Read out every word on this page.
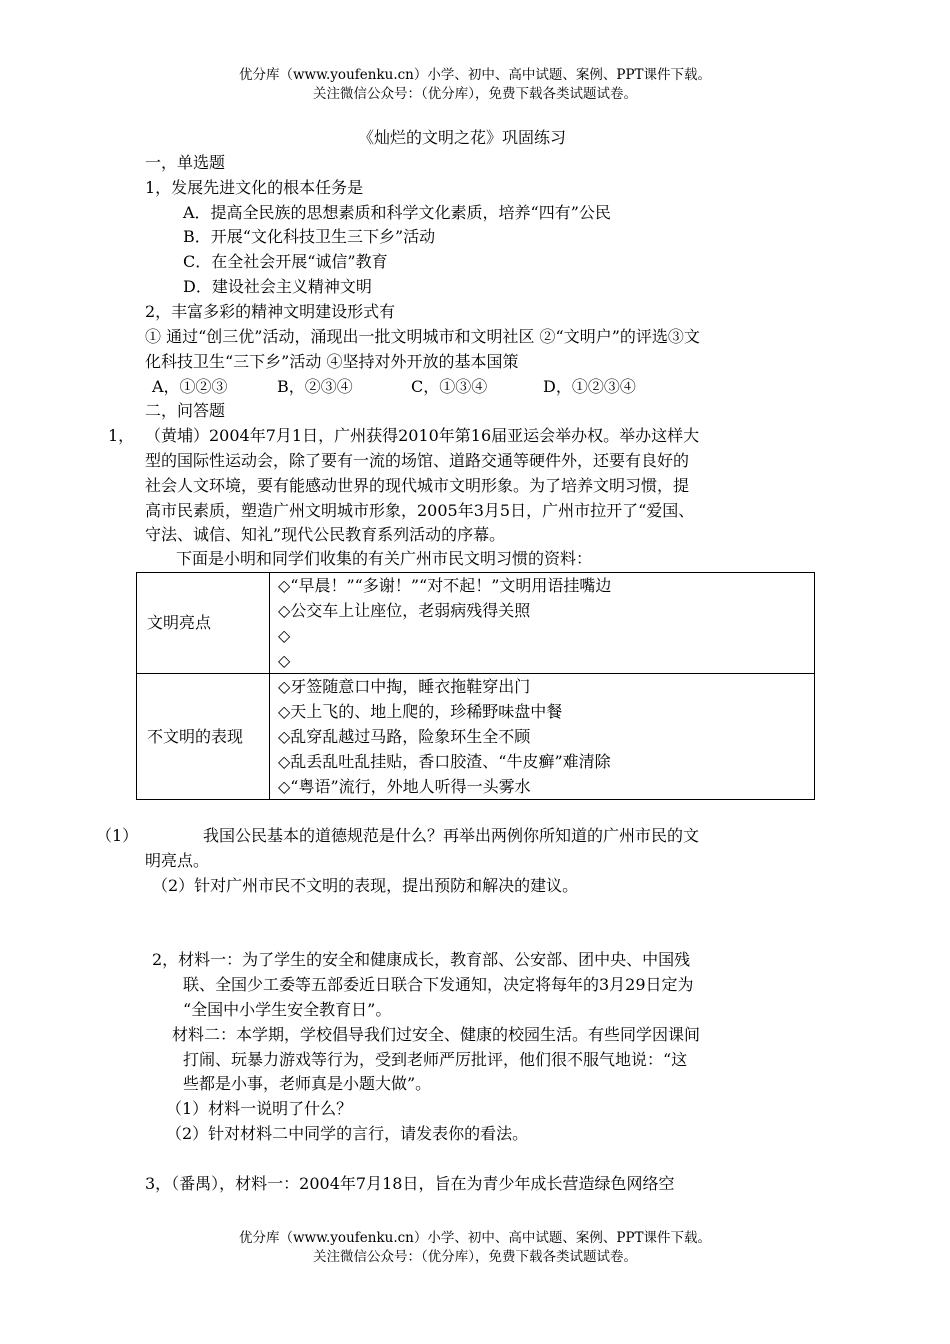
优分库（www.youfenku.cn）小学、初中、高中试题、案例、PPT课件下载。
关注微信公众号：（优分库），免费下载各类试题试卷。
《灿烂的文明之花》巩固练习
一，单选题
1，发展先进文化的根本任务是
A．提高全民族的思想素质和科学文化素质，培养“四有”公民
B．开展“文化科技卫生三下乡”活动
C．在全社会开展“诚信”教育
D．建设社会主义精神文明
2，丰富多彩的精神文明建设形式有
① 通过“创三优”活动，涌现出一批文明城市和文明社区 ②“文明户”的评选③文
化科技卫生“三下乡”活动 ④坚持对外开放的基本国策
A，①②③	B，②③④	C，①③④	D，①②③④
二，问答题
1， （黄埔）2004年7月1日，广州获得2010年第16届亚运会举办权。举办这样大
型的国际性运动会，除了要有一流的场馆、道路交通等硬件外，还要有良好的
社会人文环境，要有能感动世界的现代城市文明形象。为了培养文明习惯，提
高市民素质，塑造广州文明城市形象，2005年3月5日，广州市拉开了“爱国、
守法、诚信、知礼”现代公民教育系列活动的序幕。
下面是小明和同学们收集的有关广州市民文明习惯的资料：
文明亮点	◇“早晨！”“多谢！”“对不起！”文明用语挂嘴边
◇公交车上让座位，老弱病残得关照
◇
◇

不文明的表现	◇牙签随意口中掏，睡衣拖鞋穿出门
◇天上飞的、地上爬的，珍稀野味盘中餐
◇乱穿乱越过马路，险象环生全不顾
◇乱丢乱吐乱挂贴，香口胶渣、“牛皮癣”难清除
◇“粤语”流行，外地人听得一头雾水
（1）	我国公民基本的道德规范是什么？再举出两例你所知道的广州市民的文
明亮点。
（2）针对广州市民不文明的表现，提出预防和解决的建议。
2，材料一：为了学生的安全和健康成长，教育部、公安部、团中央、中国残
联、全国少工委等五部委近日联合下发通知，决定将每年的3月29日定为
“全国中小学生安全教育日”。
材料二：本学期，学校倡导我们过安全、健康的校园生活。有些同学因课间
打闹、玩暴力游戏等行为，受到老师严厉批评，他们很不服气地说：“这
些都是小事，老师真是小题大做”。
（1）材料一说明了什么？
（2）针对材料二中同学的言行，请发表你的看法。
3，（番禺），材料一：2004年7月18日，旨在为青少年成长营造绿色网络空
优分库（www.youfenku.cn）小学、初中、高中试题、案例、PPT课件下载。
关注微信公众号：（优分库），免费下载各类试题试卷。
